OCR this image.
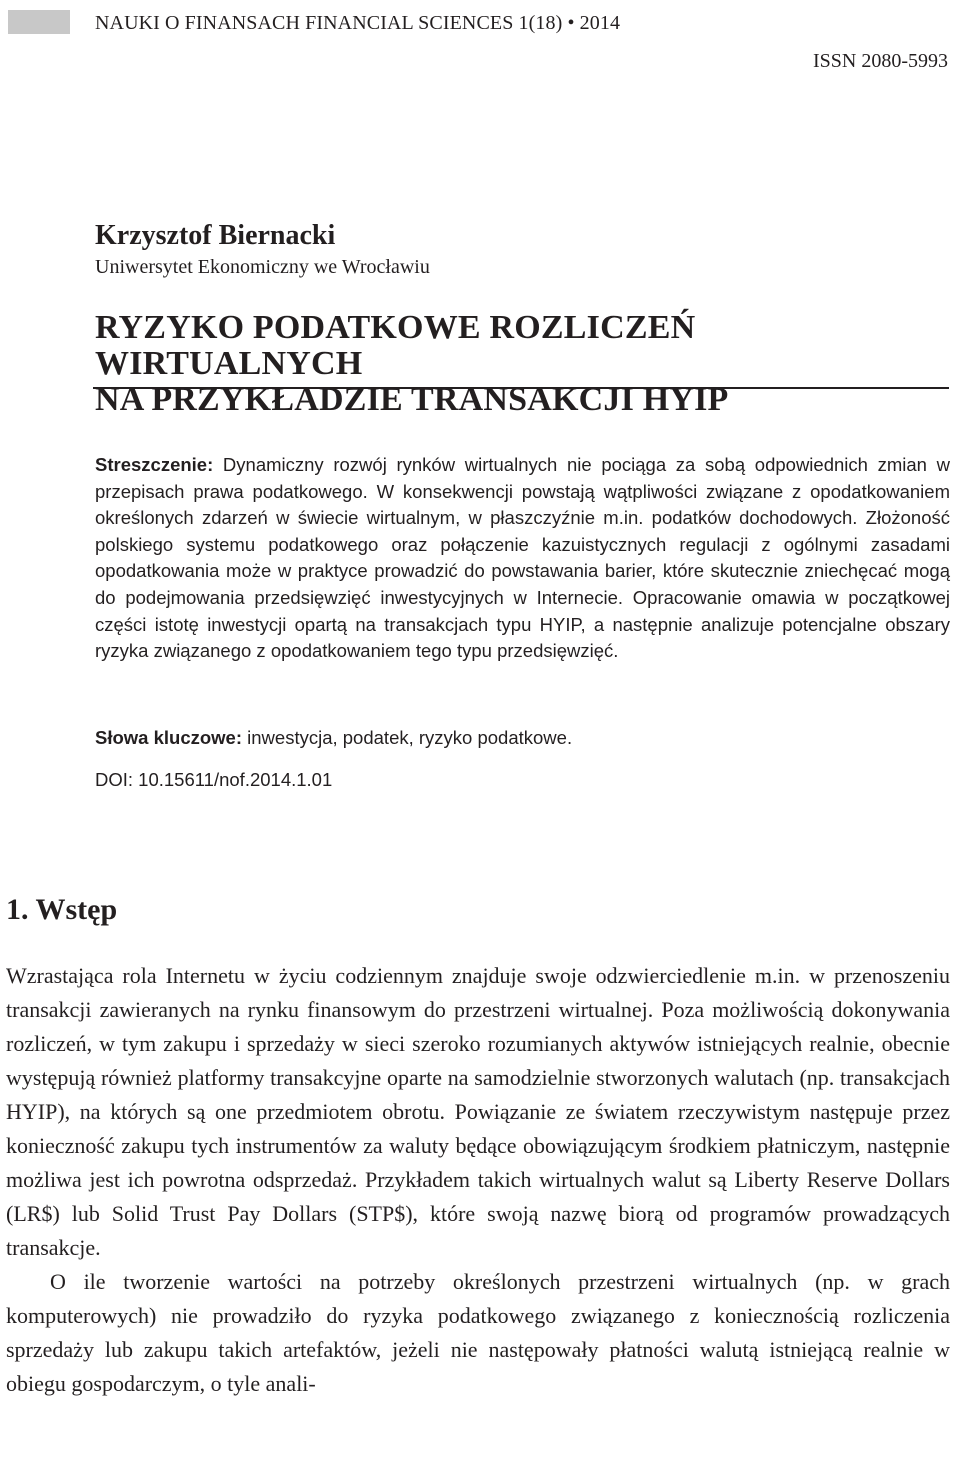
NAUKI O FINANSACH FINANCIAL SCIENCES 1(18) • 2014
ISSN 2080-5993
Krzysztof Biernacki
Uniwersytet Ekonomiczny we Wrocławiu
RYZYKO PODATKOWE ROZLICZEŃ WIRTUALNYCH
NA PRZYKŁADZIE TRANSAKCJI HYIP
Streszczenie: Dynamiczny rozwój rynków wirtualnych nie pociąga za sobą odpowiednich zmian w przepisach prawa podatkowego. W konsekwencji powstają wątpliwości związane z opodatkowaniem określonych zdarzeń w świecie wirtualnym, w płaszczyźnie m.in. podatków dochodowych. Złożoność polskiego systemu podatkowego oraz połączenie kazuistycznych regulacji z ogólnymi zasadami opodatkowania może w praktyce prowadzić do powstawania barier, które skutecznie zniechęcać mogą do podejmowania przedsięwzięć inwestycyjnych w Internecie. Opracowanie omawia w początkowej części istotę inwestycji opartą na transakcjach typu HYIP, a następnie analizuje potencjalne obszary ryzyka związanego z opodatkowaniem tego typu przedsięwzięć.
Słowa kluczowe: inwestycja, podatek, ryzyko podatkowe.
DOI: 10.15611/nof.2014.1.01
1. Wstęp

Wzrastająca rola Internetu w życiu codziennym znajduje swoje odzwierciedlenie m.in. w przenoszeniu transakcji zawieranych na rynku finansowym do przestrzeni wirtualnej. Poza możliwością dokonywania rozliczeń, w tym zakupu i sprzedaży w sieci szeroko rozumianych aktywów istniejących realnie, obecnie występują również platformy transakcyjne oparte na samodzielnie stworzonych walutach (np. transakcjach HYIP), na których są one przedmiotem obrotu. Powiązanie ze światem rzeczywistym następuje przez konieczność zakupu tych instrumentów za waluty będące obowiązującym środkiem płatniczym, następnie możliwa jest ich powrotna odsprzedaż. Przykładem takich wirtualnych walut są Liberty Reserve Dollars (LR$) lub Solid Trust Pay Dollars (STP$), które swoją nazwę biorą od programów prowadzących transakcje.

O ile tworzenie wartości na potrzeby określonych przestrzeni wirtualnych (np. w grach komputerowych) nie prowadziło do ryzyka podatkowego związanego z koniecznością rozliczenia sprzedaży lub zakupu takich artefaktów, jeżeli nie następowały płatności walutą istniejącą realnie w obiegu gospodarczym, o tyle anali-
